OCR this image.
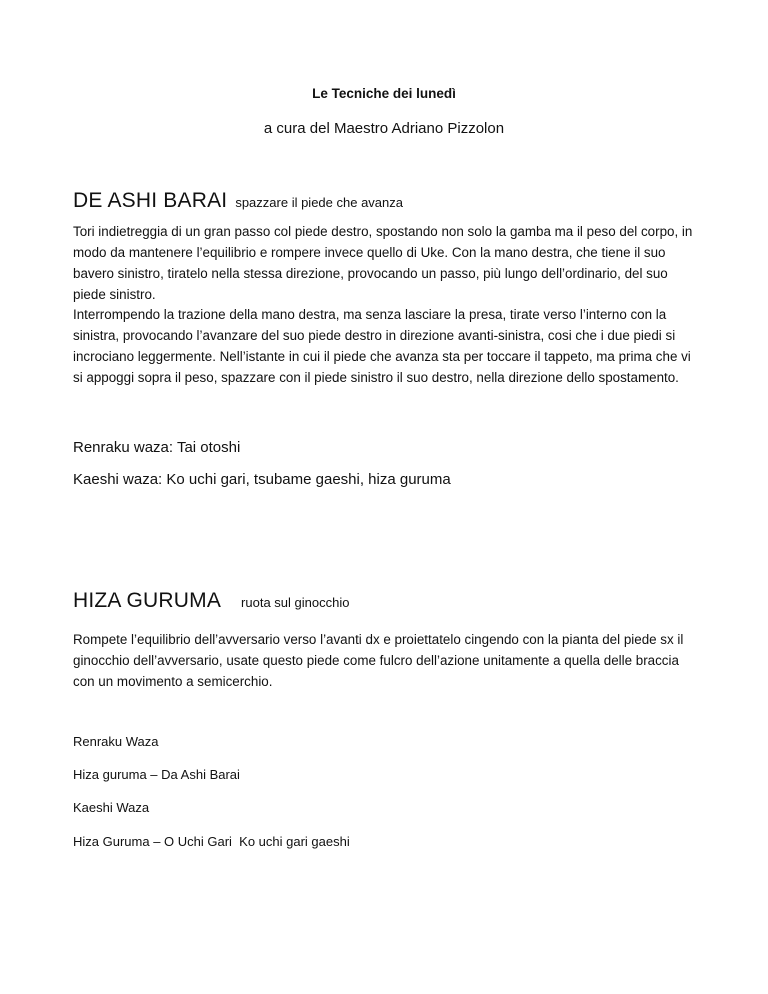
Le Tecniche dei lunedì
a cura del Maestro Adriano Pizzolon
DE ASHI BARAI spazzare il piede che avanza

Tori indietreggia di un gran passo col piede destro, spostando non solo la gamba ma il peso del corpo, in modo da mantenere l’equilibrio e rompere invece quello di Uke. Con la mano destra, che tiene il suo bavero sinistro, tiratelo nella stessa direzione, provocando un passo, più lungo dell’ordinario, del suo piede sinistro.

Interrompendo la trazione della mano destra, ma senza lasciare la presa, tirate verso l’interno con la sinistra, provocando l’avanzare del suo piede destro in direzione avanti-sinistra, cosi che i due piedi si incrociano leggermente. Nell’istante in cui il piede che avanza sta per toccare il tappeto, ma prima che vi si appoggi sopra il peso, spazzare con il piede sinistro il suo destro, nella direzione dello spostamento.

Renraku waza: Tai otoshi
Kaeshi waza: Ko uchi gari, tsubame gaeshi, hiza guruma
HIZA GURUMA ruota sul ginocchio

Rompete l’equilibrio dell’avversario verso l’avanti dx e proiettatelo cingendo con la pianta del piede sx il ginocchio dell’avversario, usate questo piede come fulcro dell’azione unitamente a quella delle braccia con un movimento a semicerchio.

Renraku Waza
Hiza guruma – Da Ashi Barai
Kaeshi Waza
Hiza Guruma – O Uchi Gari  Ko uchi gari gaeshi
